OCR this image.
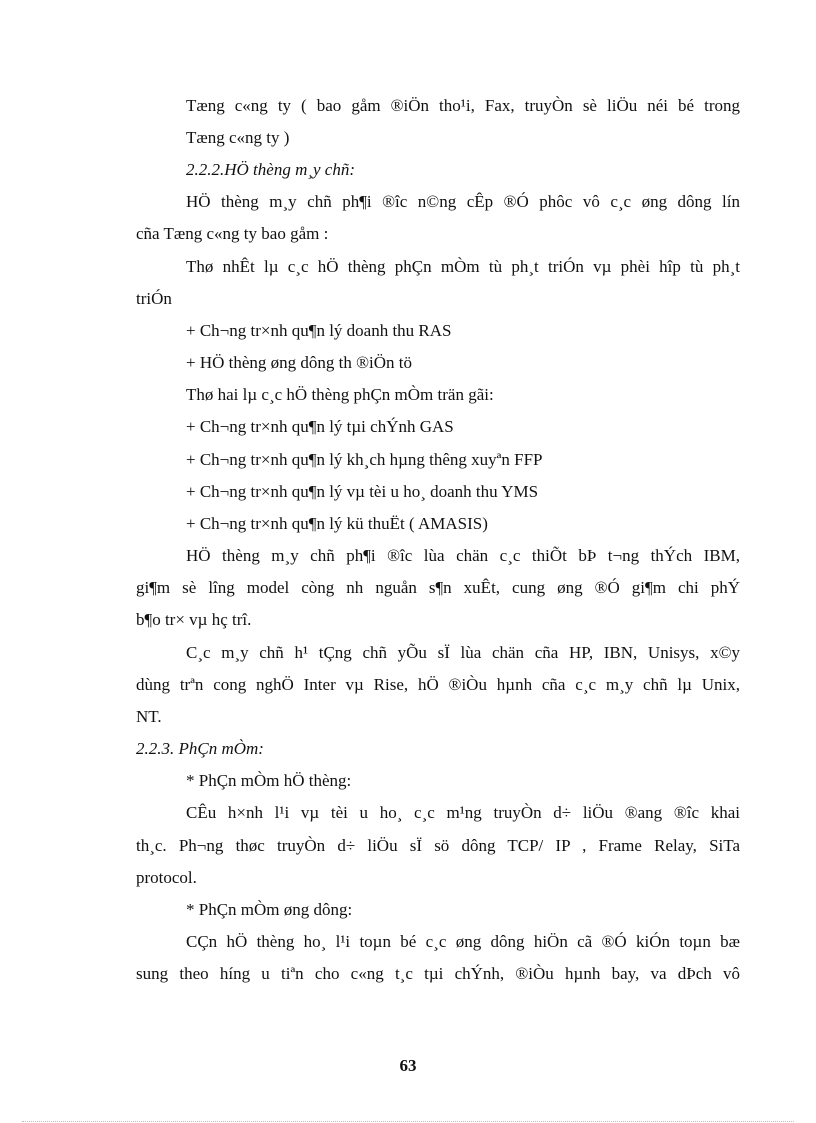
Tæng c«ng ty ( bao gåm ®iÖn tho¹i, Fax, truyÒn sè liÖu néi bé trong
Tæng c«ng ty )
2.2.2.HÖ thèng m¸y chñ:
HÖ thèng m¸y chñ ph¶i ®îc n©ng cÊp ®Ó phôc vô c¸c øng dông lín
cña Tæng c«ng ty bao gåm :
Thø nhÊt lµ c¸c hÖ thèng phÇn mÒm tù ph¸t triÓn vµ phèi hîp tù ph¸t
triÓn
+ Ch¬ng tr×nh qu¶n lý doanh thu RAS
+ HÖ thèng øng dông th ®iÖn tö
Thø hai lµ c¸c hÖ thèng phÇn mÒm trän gãi:
+ Ch¬ng tr×nh qu¶n lý tµi chÝnh GAS
+ Ch¬ng tr×nh qu¶n lý kh¸ch hµng thêng xuyªn FFP
+ Ch¬ng tr×nh qu¶n lý vµ tèi u ho¸ doanh thu YMS
+ Ch¬ng tr×nh qu¶n lý kü thuËt ( AMASIS)
HÖ thèng m¸y chñ ph¶i ®îc lùa chän c¸c thiÕt bÞ t¬ng thÝch IBM,
gi¶m sè lîng model còng nh nguån s¶n xuÊt, cung øng ®Ó gi¶m chi phÝ
b¶o tr× vµ hç trî.
C¸c m¸y chñ h¹ tÇng chñ yÕu sÏ lùa chän cña HP, IBN, Unisys, x©y
dùng trªn cong nghÖ Inter vµ Rise, hÖ ®iÒu hµnh cña c¸c m¸y chñ lµ Unix,
NT.
2.2.3. PhÇn mÒm:
* PhÇn mÒm hÖ thèng:
CÊu h×nh l¹i vµ tèi u ho¸ c¸c m¹ng truyÒn d÷ liÖu ®ang ®îc khai
th¸c. Ph¬ng thøc truyÒn d÷ liÖu sÏ sö dông TCP/ IP , Frame Relay, SiTa
protocol.
* PhÇn mÒm øng dông:
CÇn hÖ thèng ho¸ l¹i toµn bé c¸c øng dông hiÖn cã ®Ó kiÓn toµn bæ
sung theo híng u tiªn cho c«ng t¸c tµi chÝnh, ®iÒu hµnh bay, va dÞch vô
63
